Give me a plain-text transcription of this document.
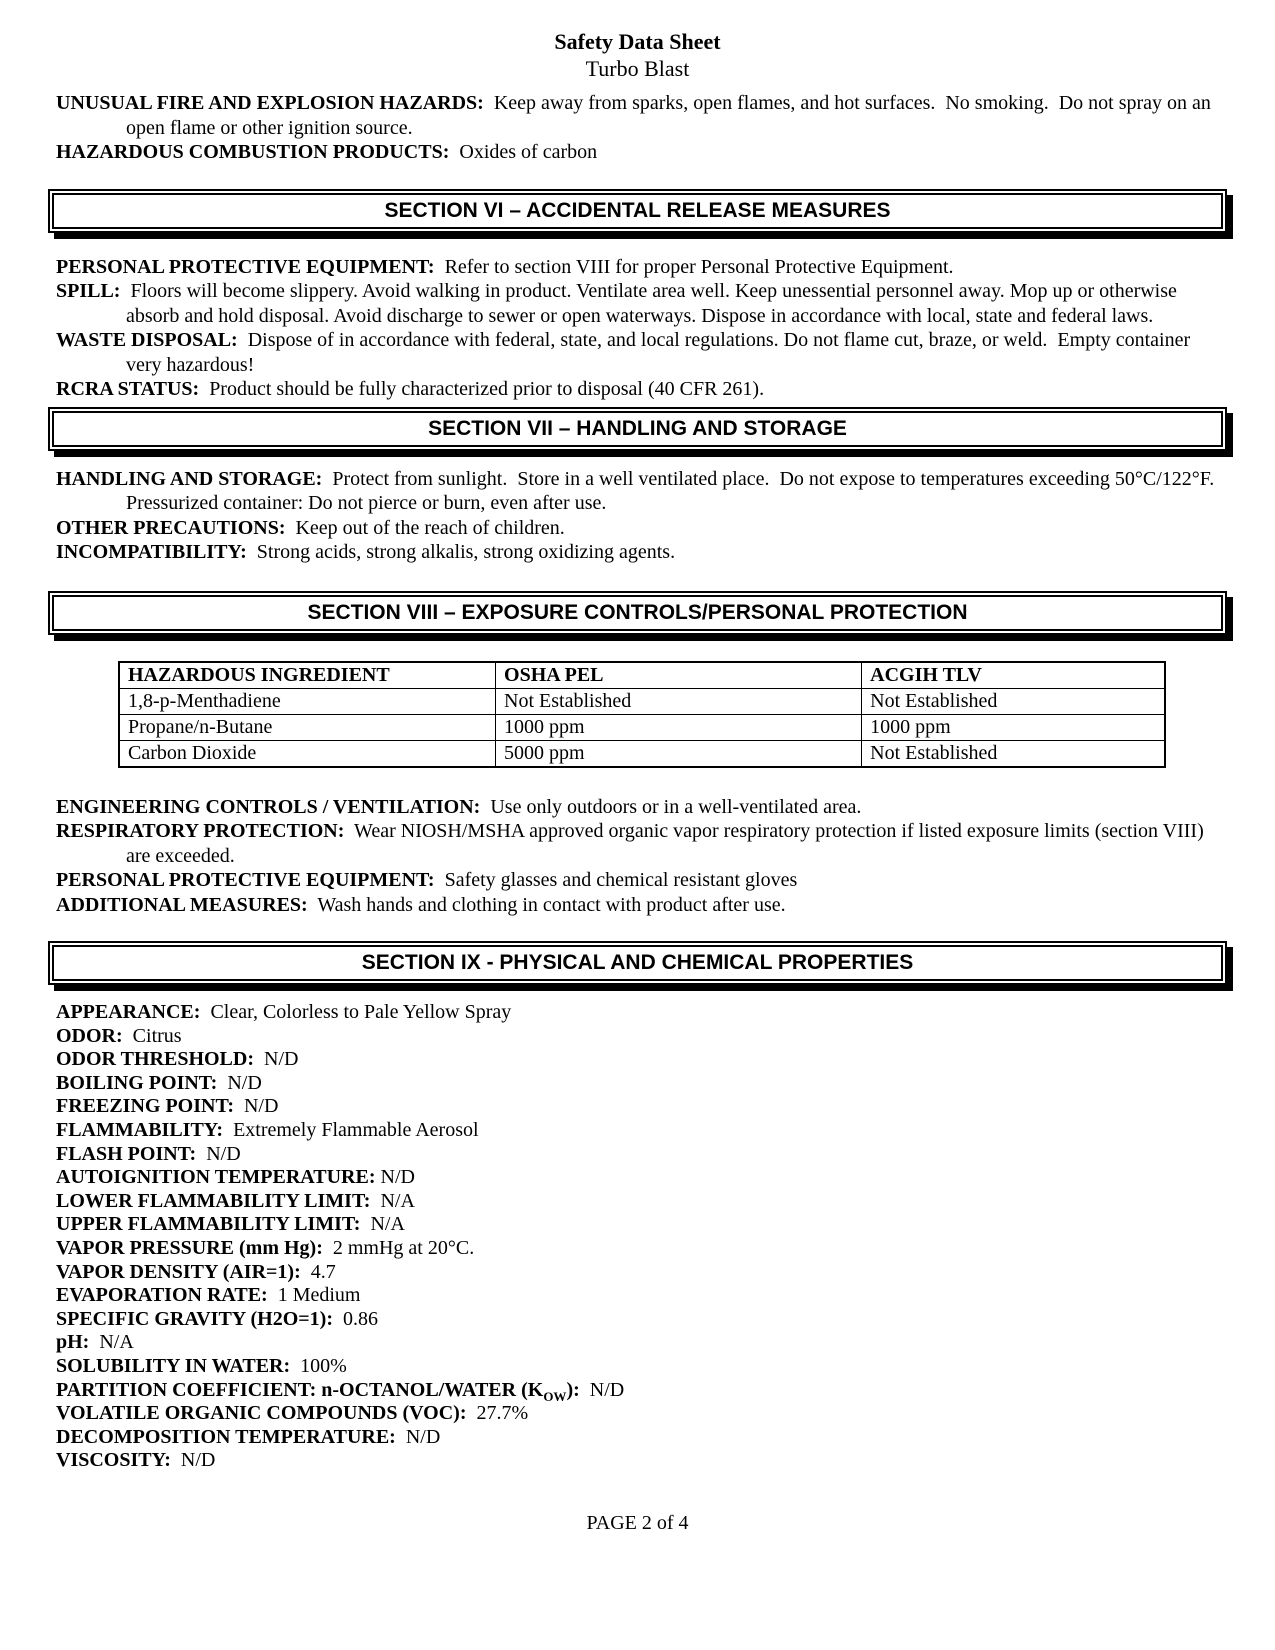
Safety Data Sheet

Turbo Blast

UNUSUAL FIRE AND EXPLOSION HAZARDS:  Keep away from sparks, open flames, and hot surfaces.  No smoking.  Do not spray on an open flame or other ignition source.

HAZARDOUS COMBUSTION PRODUCTS:  Oxides of carbon

SECTION VI – ACCIDENTAL RELEASE MEASURES

PERSONAL PROTECTIVE EQUIPMENT:  Refer to section VIII for proper Personal Protective Equipment.

SPILL:  Floors will become slippery. Avoid walking in product. Ventilate area well. Keep unessential personnel away. Mop up or otherwise absorb and hold disposal. Avoid discharge to sewer or open waterways. Dispose in accordance with local, state and federal laws.

WASTE DISPOSAL:  Dispose of in accordance with federal, state, and local regulations. Do not flame cut, braze, or weld.  Empty container very hazardous!

RCRA STATUS:  Product should be fully characterized prior to disposal (40 CFR 261).

SECTION VII – HANDLING AND STORAGE

HANDLING AND STORAGE:  Protect from sunlight.  Store in a well ventilated place.  Do not expose to temperatures exceeding 50°C/122°F.   Pressurized container: Do not pierce or burn, even after use.

OTHER PRECAUTIONS:  Keep out of the reach of children.

INCOMPATIBILITY:  Strong acids, strong alkalis, strong oxidizing agents.

SECTION VIII – EXPOSURE CONTROLS/PERSONAL PROTECTION
HAZARDOUS INGREDIENT	OSHA PEL	ACGIH TLV
1,8-p-Menthadiene	Not Established	Not Established
Propane/n-Butane	1000 ppm	1000 ppm
Carbon Dioxide	5000 ppm	Not Established

ENGINEERING CONTROLS / VENTILATION:  Use only outdoors or in a well-ventilated area.

RESPIRATORY PROTECTION:  Wear NIOSH/MSHA approved organic vapor respiratory protection if listed exposure limits (section VIII) are exceeded.

PERSONAL PROTECTIVE EQUIPMENT:  Safety glasses and chemical resistant gloves

ADDITIONAL MEASURES:  Wash hands and clothing in contact with product after use.

SECTION IX - PHYSICAL AND CHEMICAL PROPERTIES

APPEARANCE:  Clear, Colorless to Pale Yellow Spray

ODOR:  Citrus

ODOR THRESHOLD:  N/D

BOILING POINT:  N/D

FREEZING POINT:  N/D

FLAMMABILITY:  Extremely Flammable Aerosol

FLASH POINT:  N/D

AUTOIGNITION TEMPERATURE: N/D

LOWER FLAMMABILITY LIMIT:  N/A

UPPER FLAMMABILITY LIMIT:  N/A

VAPOR PRESSURE (mm Hg):  2 mmHg at 20°C.

VAPOR DENSITY (AIR=1):  4.7

EVAPORATION RATE:  1 Medium

SPECIFIC GRAVITY (H2O=1):  0.86

pH:  N/A

SOLUBILITY IN WATER:  100%

PARTITION COEFFICIENT: n-OCTANOL/WATER $(K_{OW})$:  N/D

VOLATILE ORGANIC COMPOUNDS (VOC):  27.7%

DECOMPOSITION TEMPERATURE:  N/D

VISCOSITY:  N/D

PAGE 2 of 4
